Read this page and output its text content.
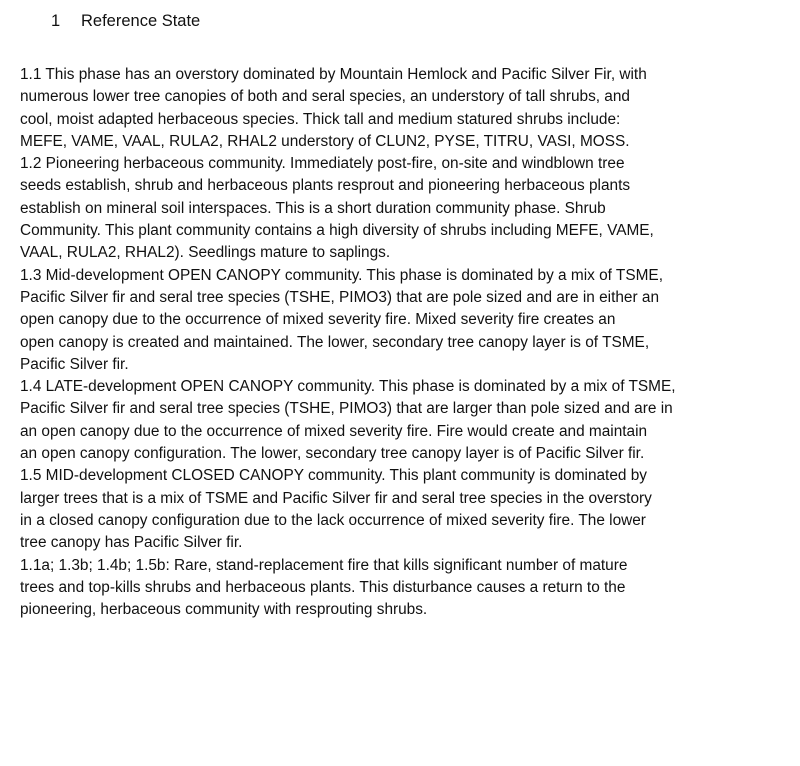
1 Reference State
1.1 This phase has an overstory dominated by Mountain Hemlock and Pacific Silver Fir, with
numerous lower tree canopies of both and seral species, an understory of tall shrubs, and
cool, moist adapted herbaceous species. Thick tall and medium statured shrubs include:
MEFE, VAME, VAAL, RULA2, RHAL2 understory of CLUN2, PYSE, TITRU, VASI, MOSS.
1.2 Pioneering herbaceous community. Immediately post-fire, on-site and windblown tree
seeds establish, shrub and herbaceous plants resprout and pioneering herbaceous plants
establish on mineral soil interspaces. This is a short duration community phase. Shrub
Community. This plant community contains a high diversity of shrubs including MEFE, VAME,
VAAL, RULA2, RHAL2). Seedlings mature to saplings.
1.3 Mid-development OPEN CANOPY community. This phase is dominated by a mix of TSME,
Pacific Silver fir and seral tree species (TSHE, PIMO3) that are pole sized and are in either an
open canopy due to the occurrence of mixed severity fire. Mixed severity fire creates an
open canopy is created and maintained. The lower, secondary tree canopy layer is of TSME,
Pacific Silver fir.
1.4 LATE-development OPEN CANOPY community. This phase is dominated by a mix of TSME,
Pacific Silver fir and seral tree species (TSHE, PIMO3) that are larger than pole sized and are in
an open canopy due to the occurrence of mixed severity fire. Fire would create and maintain
an open canopy configuration. The lower, secondary tree canopy layer is of Pacific Silver fir.
1.5 MID-development CLOSED CANOPY community. This plant community is dominated by
larger trees that is a mix of TSME and Pacific Silver fir and seral tree species in the overstory
in a closed canopy configuration due to the lack occurrence of mixed severity fire. The lower
tree canopy has Pacific Silver fir.
1.1a; 1.3b; 1.4b; 1.5b: Rare, stand-replacement fire that kills significant number of mature
trees and top-kills shrubs and herbaceous plants. This disturbance causes a return to the
pioneering, herbaceous community with resprouting shrubs.
